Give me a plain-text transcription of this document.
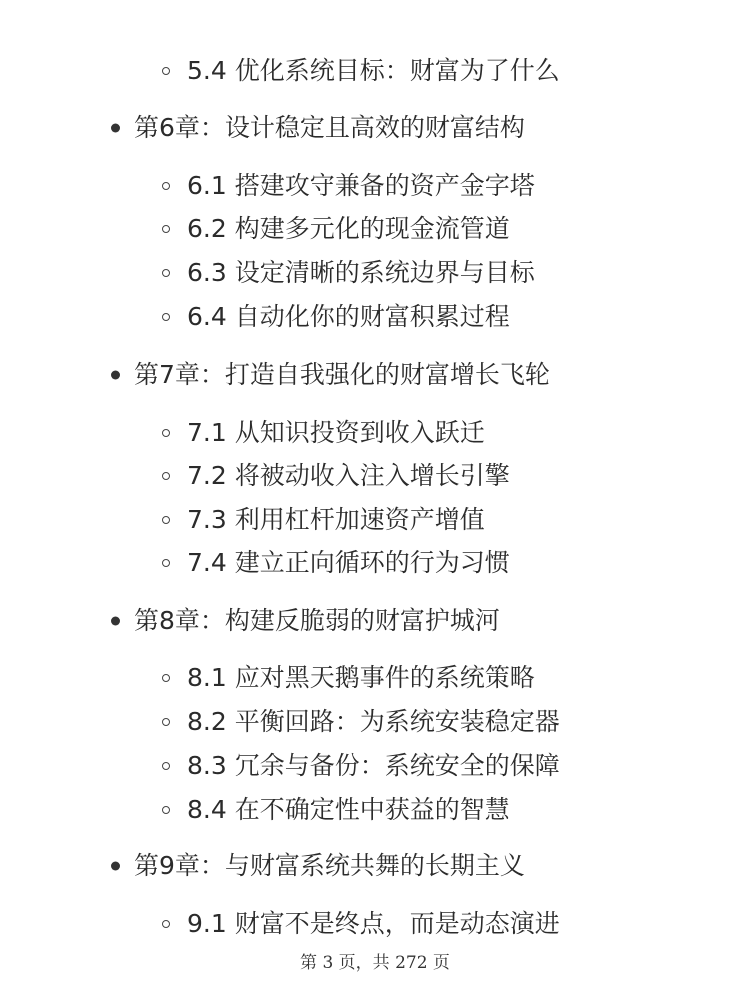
5.4 优化系统目标：财富为了什么
第6章：设计稳定且高效的财富结构
6.1 搭建攻守兼备的资产金字塔
6.2 构建多元化的现金流管道
6.3 设定清晰的系统边界与目标
6.4 自动化你的财富积累过程
第7章：打造自我强化的财富增长飞轮
7.1 从知识投资到收入跃迁
7.2 将被动收入注入增长引擎
7.3 利用杠杆加速资产增值
7.4 建立正向循环的行为习惯
第8章：构建反脆弱的财富护城河
8.1 应对黑天鹅事件的系统策略
8.2 平衡回路：为系统安装稳定器
8.3 冗余与备份：系统安全的保障
8.4 在不确定性中获益的智慧
第9章：与财富系统共舞的长期主义
9.1 财富不是终点，而是动态演进
第 3 页，共 272 页
